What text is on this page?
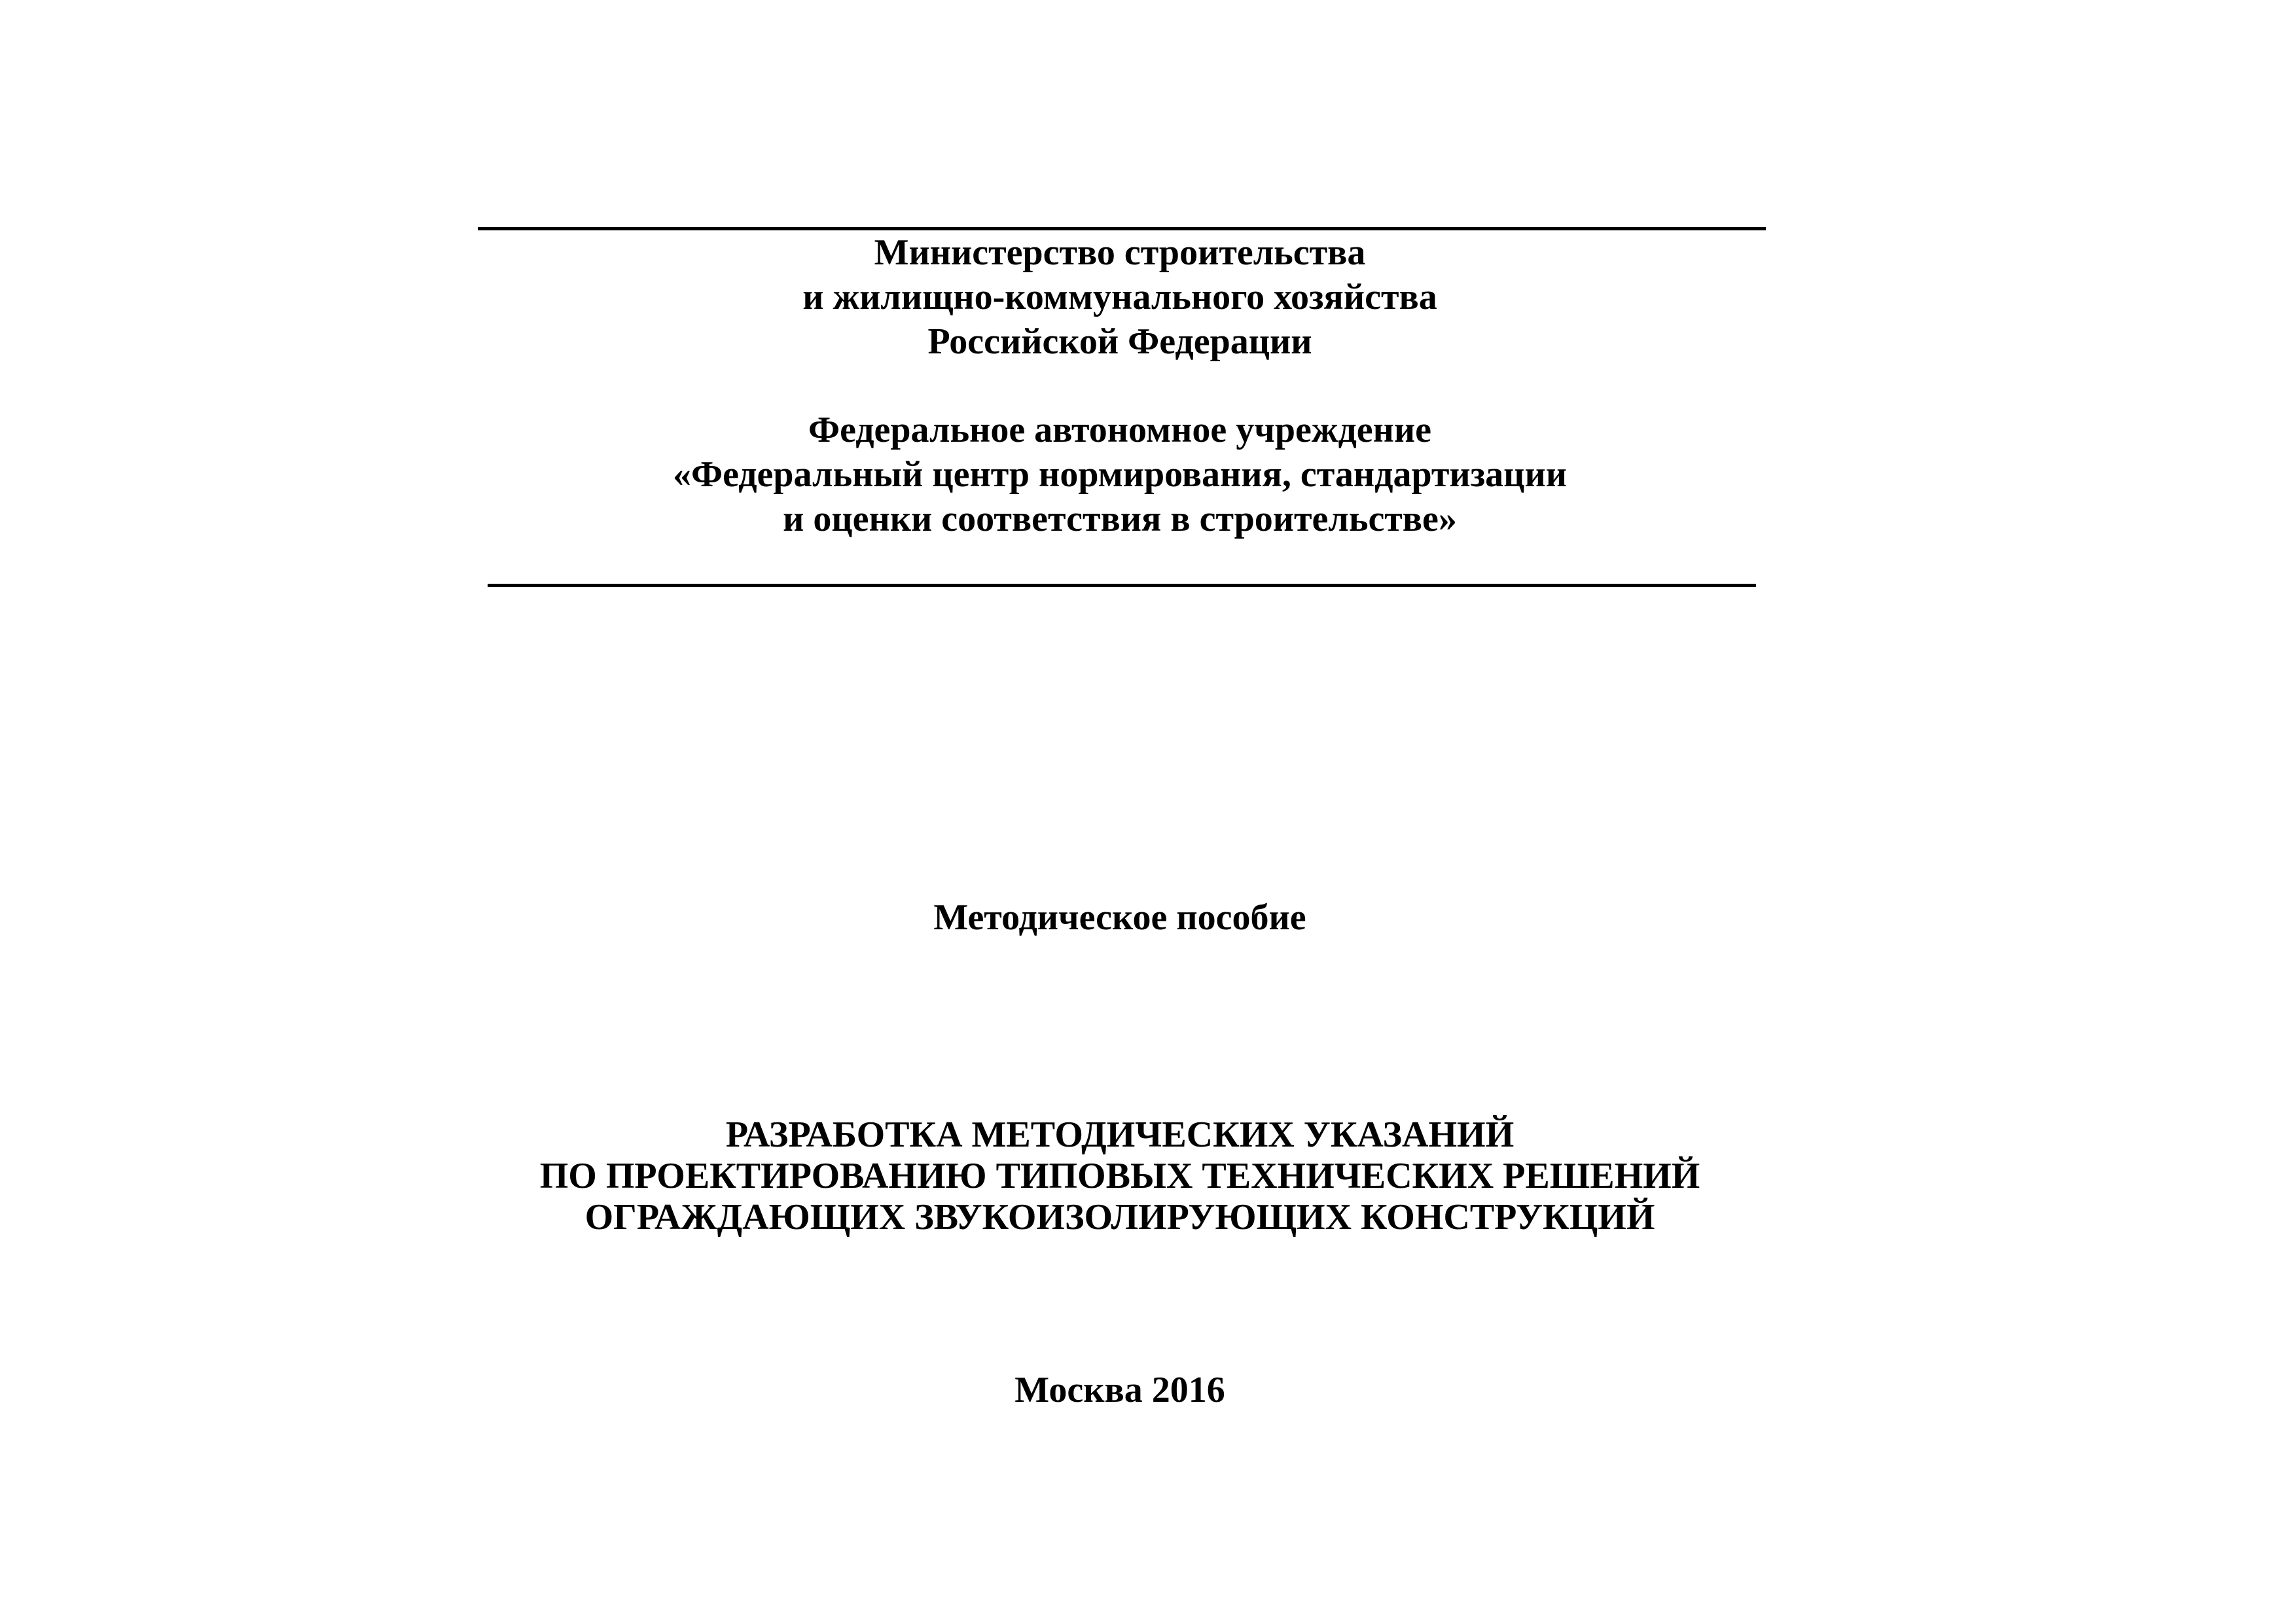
Министерство строительства
и жилищно-коммунального хозяйства
Российской Федерации
Федеральное автономное учреждение
«Федеральный центр нормирования, стандартизации
и оценки соответствия в строительстве»
Методическое пособие
РАЗРАБОТКА МЕТОДИЧЕСКИХ УКАЗАНИЙ
ПО ПРОЕКТИРОВАНИЮ ТИПОВЫХ ТЕХНИЧЕСКИХ РЕШЕНИЙ
ОГРАЖДАЮЩИХ ЗВУКОИЗОЛИРУЮЩИХ КОНСТРУКЦИЙ
Москва 2016
